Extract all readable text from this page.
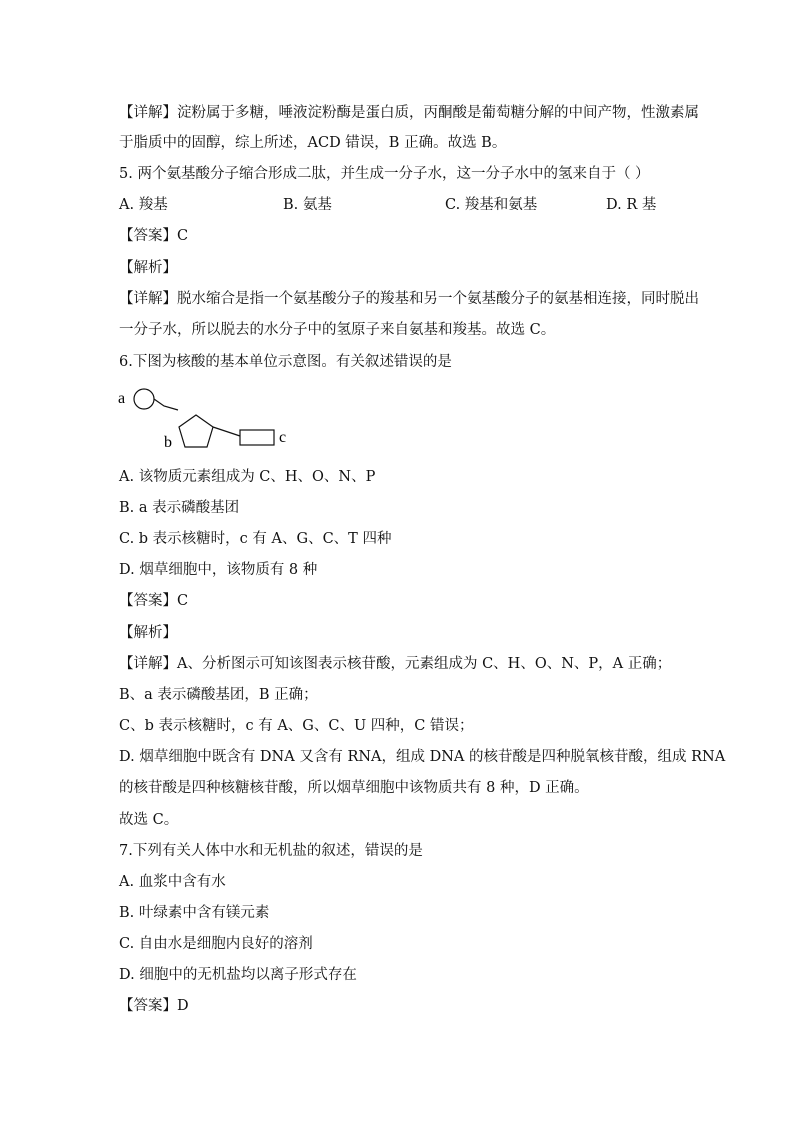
【详解】淀粉属于多糖，唾液淀粉酶是蛋白质，丙酮酸是葡萄糖分解的中间产物，性激素属
于脂质中的固醇，综上所述，ACD 错误，B 正确。故选 B。
5. 两个氨基酸分子缩合形成二肽，并生成一分子水，这一分子水中的氢来自于（ ）
A. 羧基	B. 氨基	C. 羧基和氨基	D. R 基
【答案】C
【解析】
【详解】脱水缩合是指一个氨基酸分子的羧基和另一个氨基酸分子的氨基相连接，同时脱出
一分子水，所以脱去的水分子中的氢原子来自氨基和羧基。故选 C。
6.下图为核酸的基本单位示意图。有关叙述错误的是
a
b	c
A. 该物质元素组成为 C、H、O、N、P
B. a 表示磷酸基团
C. b 表示核糖时，c 有 A、G、C、T 四种
D. 烟草细胞中，该物质有 8 种
【答案】C
【解析】
【详解】A、分析图示可知该图表示核苷酸，元素组成为 C、H、O、N、P，A 正确；
B、a 表示磷酸基团，B 正确；
C、b 表示核糖时，c 有 A、G、C、U 四种，C 错误；
D. 烟草细胞中既含有 DNA 又含有 RNA，组成 DNA 的核苷酸是四种脱氧核苷酸，组成 RNA
的核苷酸是四种核糖核苷酸，所以烟草细胞中该物质共有 8 种，D 正确。
故选 C。
7.下列有关人体中水和无机盐的叙述，错误的是
A. 血浆中含有水
B. 叶绿素中含有镁元素
C. 自由水是细胞内良好的溶剂
D. 细胞中的无机盐均以离子形式存在
【答案】D
